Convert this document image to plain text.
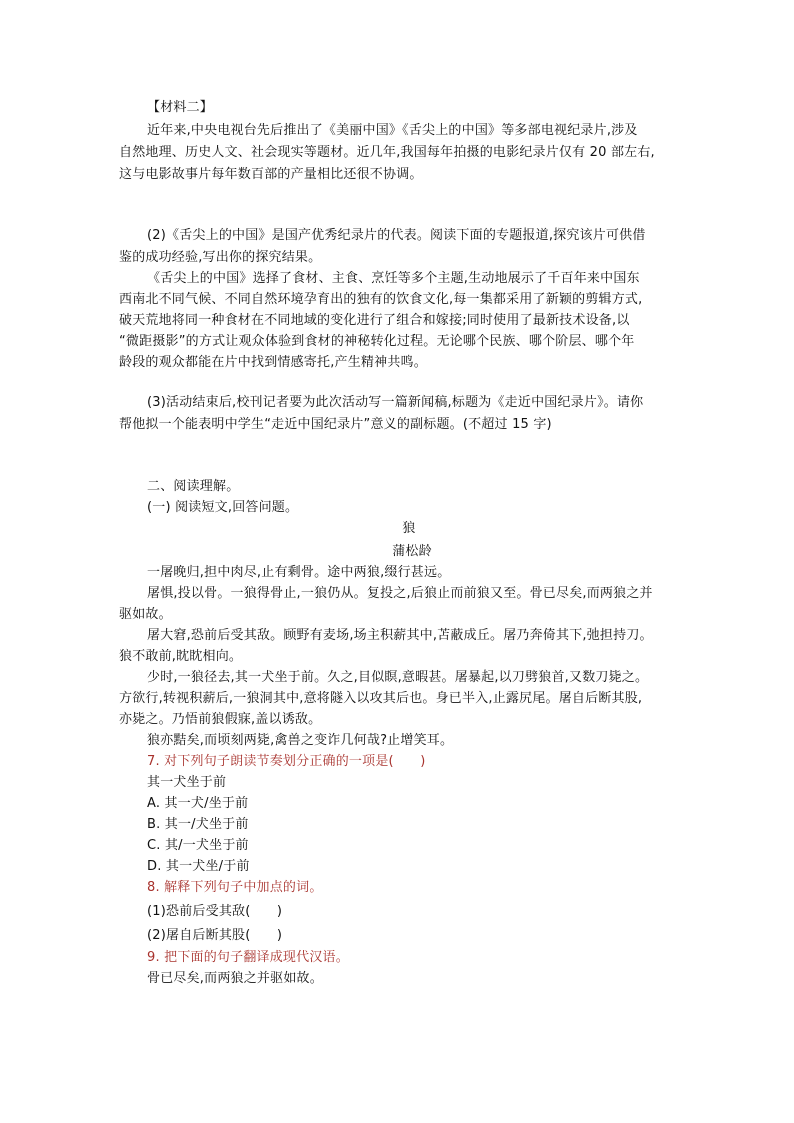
【材料二】
近年来,中央电视台先后推出了《美丽中国》《舌尖上的中国》等多部电视纪录片,涉及
自然地理、历史人文、社会现实等题材。近几年,我国每年拍摄的电影纪录片仅有 20 部左右,
这与电影故事片每年数百部的产量相比还很不协调。
(2)《舌尖上的中国》是国产优秀纪录片的代表。阅读下面的专题报道,探究该片可供借
鉴的成功经验,写出你的探究结果。
《舌尖上的中国》选择了食材、主食、烹饪等多个主题,生动地展示了千百年来中国东
西南北不同气候、不同自然环境孕育出的独有的饮食文化,每一集都采用了新颖的剪辑方式,
破天荒地将同一种食材在不同地域的变化进行了组合和嫁接;同时使用了最新技术设备,以
“微距摄影”的方式让观众体验到食材的神秘转化过程。无论哪个民族、哪个阶层、哪个年
龄段的观众都能在片中找到情感寄托,产生精神共鸣。
(3)活动结束后,校刊记者要为此次活动写一篇新闻稿,标题为《走近中国纪录片》。请你
帮他拟一个能表明中学生“走近中国纪录片”意义的副标题。(不超过 15 字)
二、阅读理解。
(一) 阅读短文,回答问题。
狼
蒲松龄
一屠晚归,担中肉尽,止有剩骨。途中两狼,缀行甚远。
屠惧,投以骨。一狼得骨止,一狼仍从。复投之,后狼止而前狼又至。骨已尽矣,而两狼之并
驱如故。
屠大窘,恐前后受其敌。顾野有麦场,场主积薪其中,苫蔽成丘。屠乃奔倚其下,弛担持刀。
狼不敢前,眈眈相向。
少时,一狼径去,其一犬坐于前。久之,目似瞑,意暇甚。屠暴起,以刀劈狼首,又数刀毙之。
方欲行,转视积薪后,一狼洞其中,意将隧入以攻其后也。身已半入,止露尻尾。屠自后断其股,
亦毙之。乃悟前狼假寐,盖以诱敌。
狼亦黠矣,而顷刻两毙,禽兽之变诈几何哉?止增笑耳。
7. 对下列句子朗读节奏划分正确的一项是(　　)
其一犬坐于前
A. 其一犬/坐于前
B. 其一/犬坐于前
C. 其/一犬坐于前
D. 其一犬坐/于前
8. 解释下列句子中加点的词。
(1)恐前后受其敌(　　)
(2)屠自后断其股(　　)
9. 把下面的句子翻译成现代汉语。
骨已尽矣,而两狼之并驱如故。
